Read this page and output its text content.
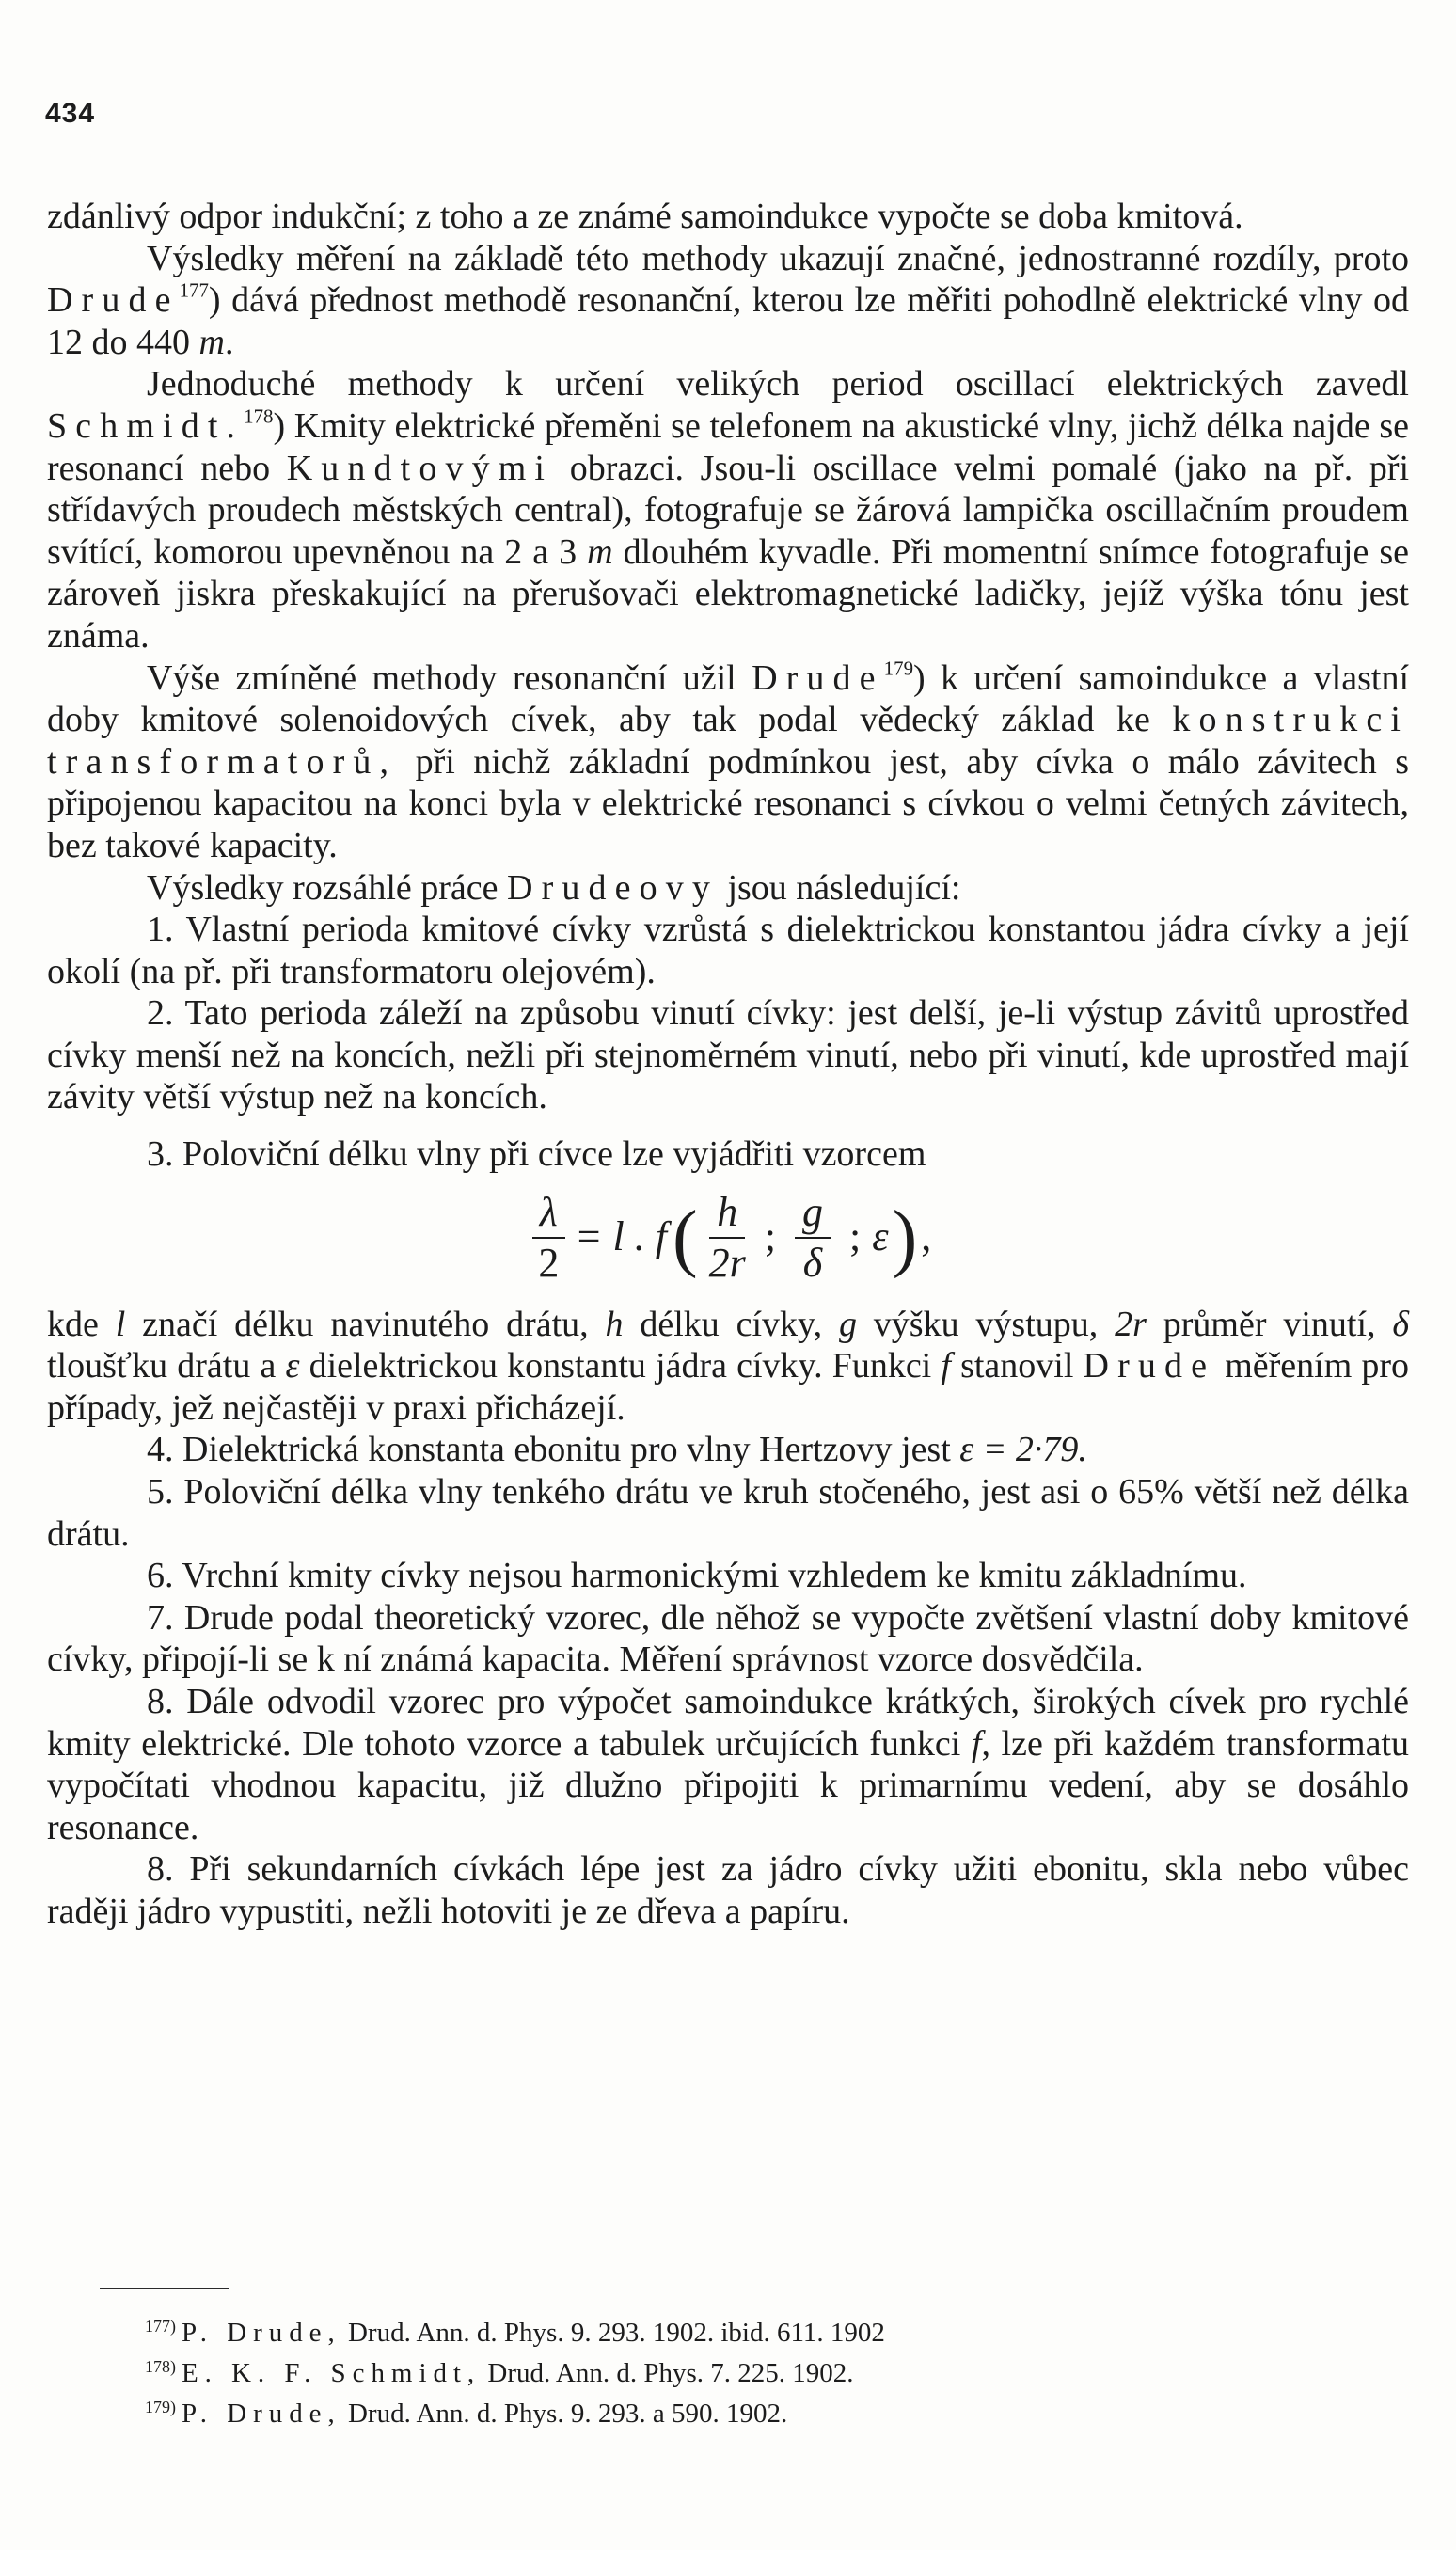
434

zdánlivý odpor indukční; z toho a ze známé samoindukce vypočte se doba kmitová.

Výsledky měření na základě této methody ukazují značné, jednostranné rozdíly, proto Drude$^{177}$) dává přednost methodě resonanční, kterou lze měřiti pohodlně elektrické vlny od 12 do 440 m.

Jednoduché methody k určení velikých period oscillací elektrických zavedl Schmidt.$^{178}$) Kmity elektrické přeměni se telefonem na akustické vlny, jichž délka najde se resonancí nebo Kundtovými obrazci. Jsou-li oscillace velmi pomalé (jako na př. při střídavých proudech městských central), fotografuje se žárová lampička oscillačním proudem svítící, komorou upevněnou na 2 a 3 m dlouhém kyvadle. Při momentní snímce fotografuje se zároveň jiskra přeskakující na přerušovači elektromagnetické ladičky, jejíž výška tónu jest známa.

Výše zmíněné methody resonanční užil Drude$^{179}$) k určení samoindukce a vlastní doby kmitové solenoidových cívek, aby tak podal vědecký základ ke konstrukci transformatorů, při nichž základní podmínkou jest, aby cívka o málo závitech s připojenou kapacitou na konci byla v elektrické resonanci s cívkou o velmi četných závitech, bez takové kapacity.

Výsledky rozsáhlé práce Drudeovy jsou následující:

1. Vlastní perioda kmitové cívky vzrůstá s dielektrickou konstantou jádra cívky a její okolí (na př. při transformatoru olejovém).

2. Tato perioda záleží na způsobu vinutí cívky: jest delší, je-li výstup závitů uprostřed cívky menší než na koncích, nežli při stejnoměrném vinutí, nebo při vinutí, kde uprostřed mají závity větší výstup než na koncích.

3. Poloviční délku vlny při cívce lze vyjádřiti vzorcem

$\frac{\lambda}{2} = l$ . f ( $\frac{h}{2r}$ ; $\frac{g}{\delta}$ ; ε ) ,

kde l značí délku navinutého drátu, h délku cívky, g výšku výstupu, 2r průměr vinutí, δ tloušťku drátu a ε dielektrickou konstantu jádra cívky. Funkci f stanovil Drude měřením pro případy, jež nejčastěji v praxi přicházejí.

4. Dielektrická konstanta ebonitu pro vlny Hertzovy jest ε = 2·79.

5. Poloviční délka vlny tenkého drátu ve kruh stočeného, jest asi o 65% větší než délka drátu.

6. Vrchní kmity cívky nejsou harmonickými vzhledem ke kmitu základnímu.

7. Drude podal theoretický vzorec, dle něhož se vypočte zvětšení vlastní doby kmitové cívky, připojí-li se k ní známá kapacita. Měření správnost vzorce dosvědčila.

8. Dále odvodil vzorec pro výpočet samoindukce krátkých, širokých cívek pro rychlé kmity elektrické. Dle tohoto vzorce a tabulek určujících funkci f, lze při každém transformatu vypočítati vhodnou kapacitu, již dlužno připojiti k primarnímu vedení, aby se dosáhlo resonance.

8. Při sekundarních cívkách lépe jest za jádro cívky užiti ebonitu, skla nebo vůbec raději jádro vypustiti, nežli hotoviti je ze dřeva a papíru.

$^{177)}$ P. Drude, Drud. Ann. d. Phys. 9. 293. 1902. ibid. 611. 1902

$^{178)}$ E. K. F. Schmidt, Drud. Ann. d. Phys. 7. 225. 1902.

$^{179)}$ P. Drude, Drud. Ann. d. Phys. 9. 293. a 590. 1902.
